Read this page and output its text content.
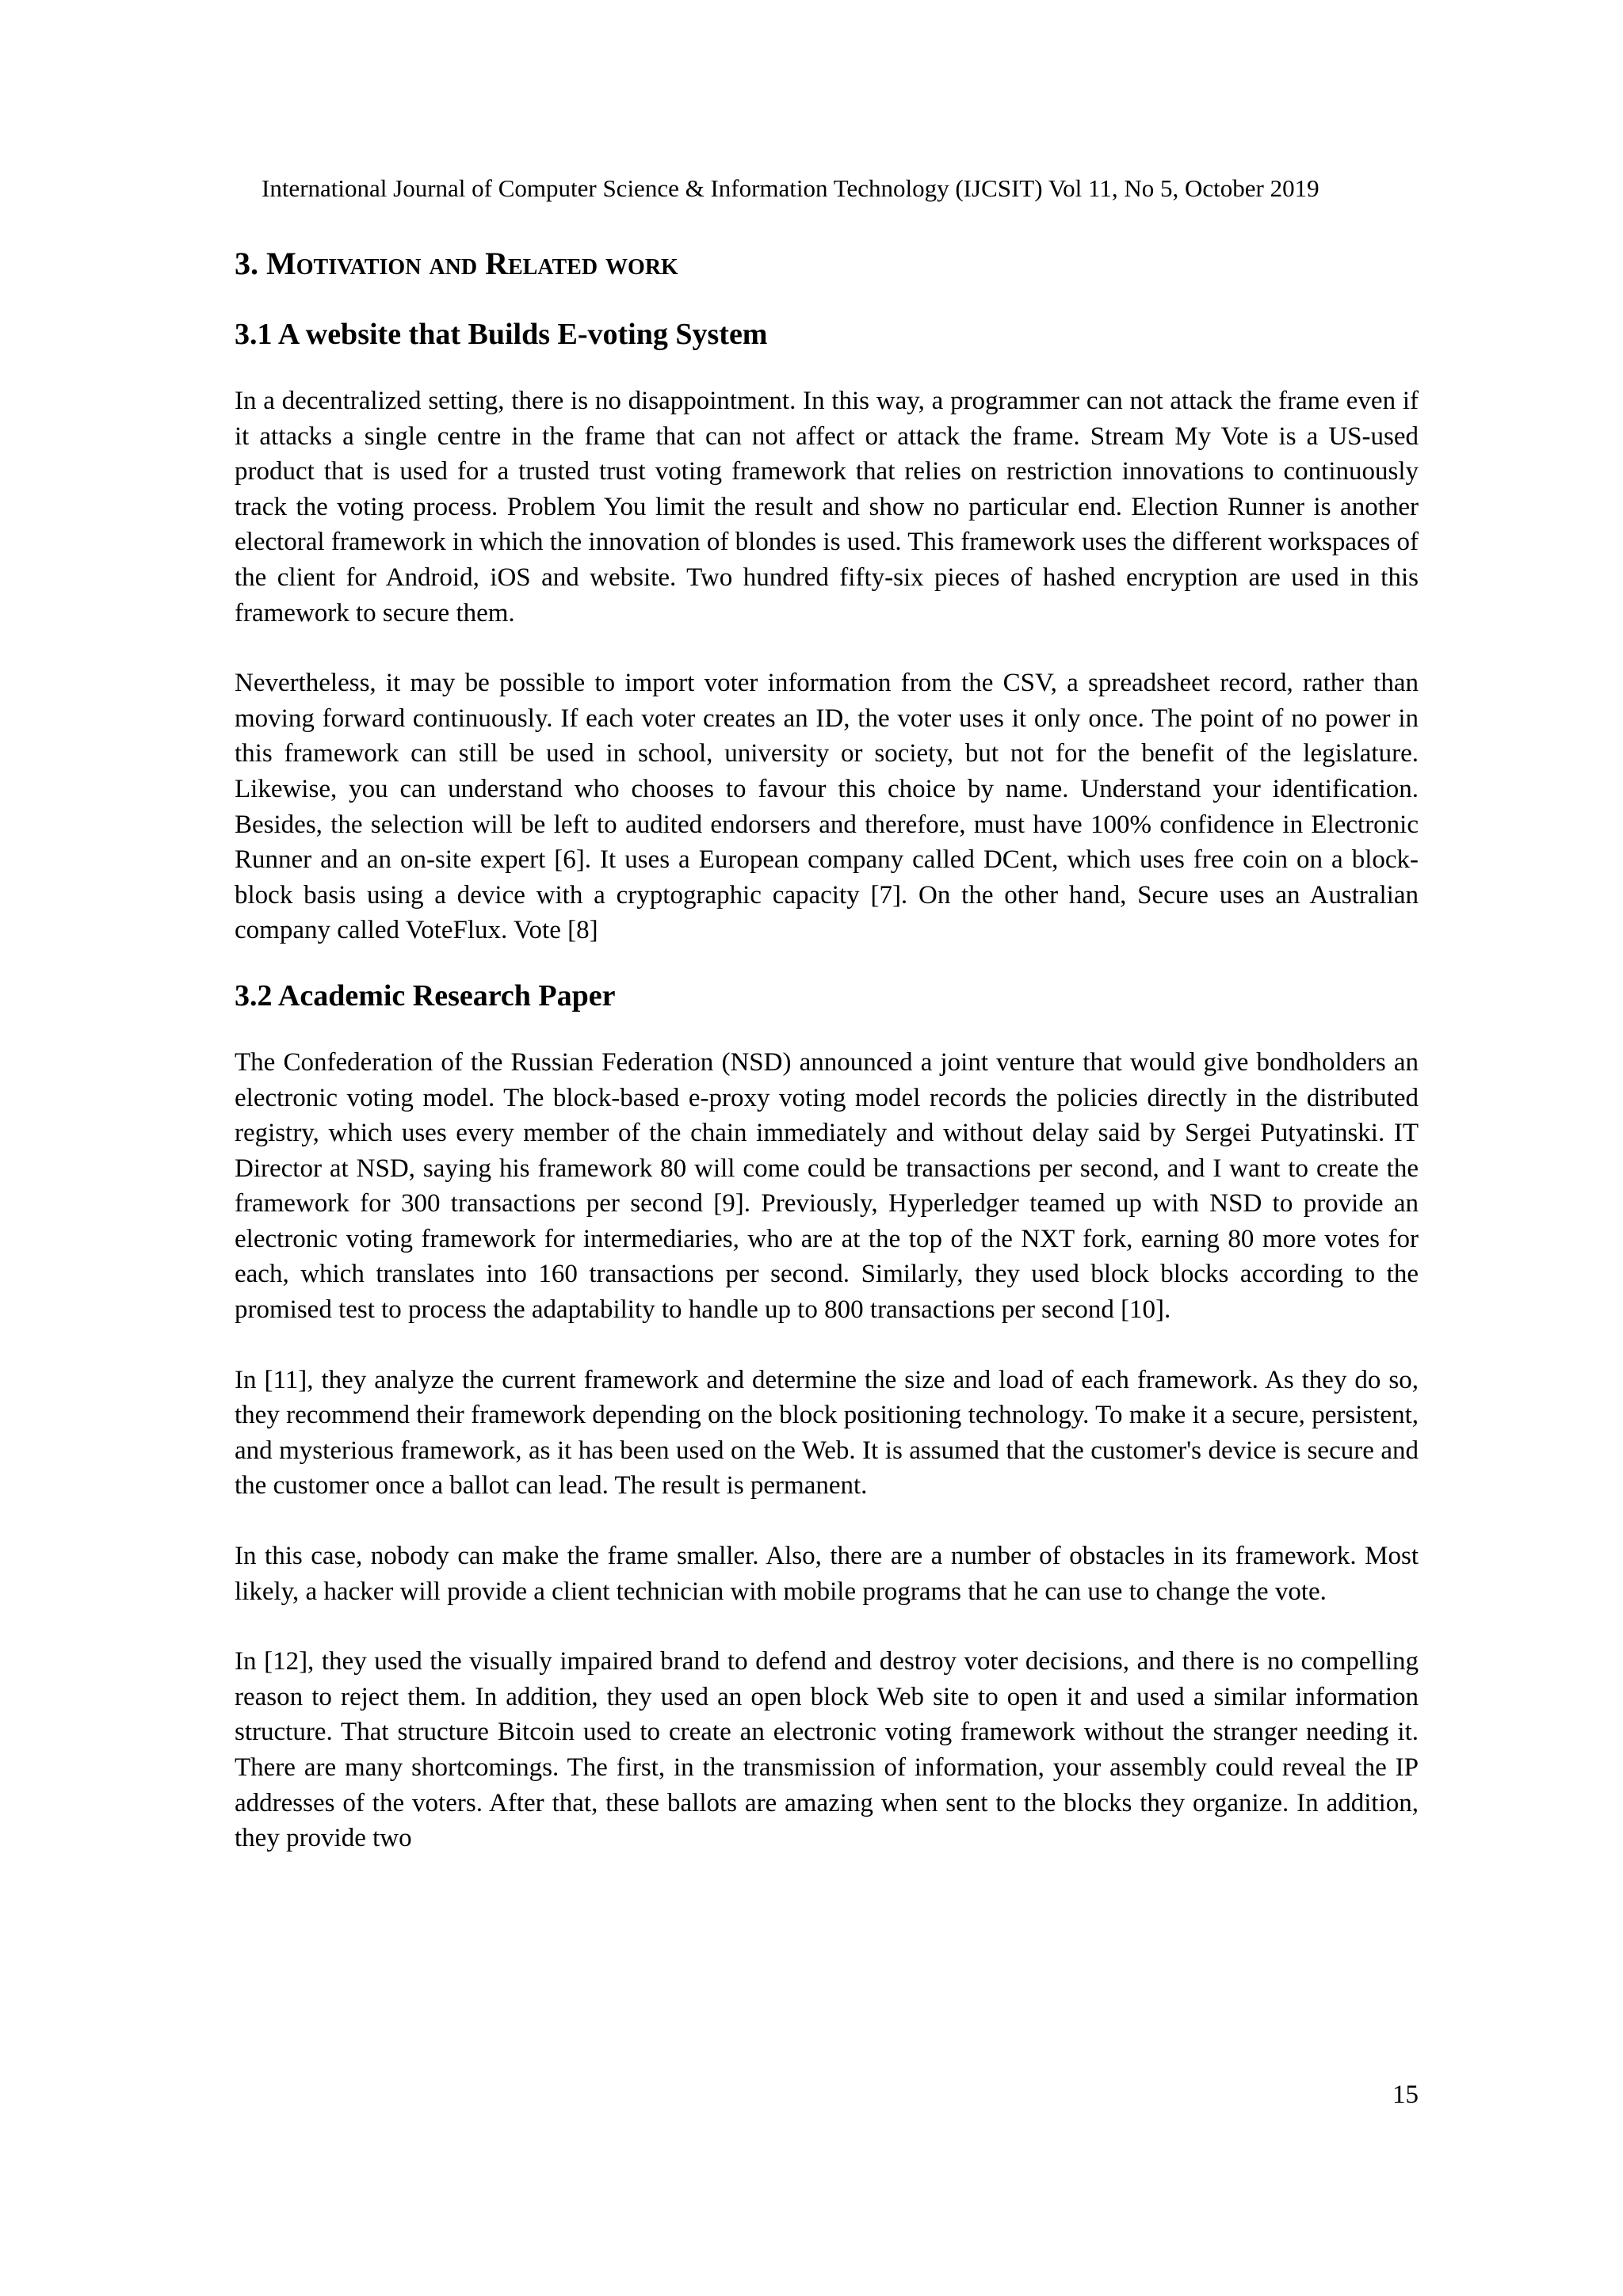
International Journal of Computer Science & Information Technology (IJCSIT) Vol 11, No 5, October 2019
3. Motivation and Related work
3.1 A website that Builds E-voting System

In a decentralized setting, there is no disappointment. In this way, a programmer can not attack the frame even if it attacks a single centre in the frame that can not affect or attack the frame. Stream My Vote is a US-used product that is used for a trusted trust voting framework that relies on restriction innovations to continuously track the voting process. Problem You limit the result and show no particular end. Election Runner is another electoral framework in which the innovation of blondes is used. This framework uses the different workspaces of the client for Android, iOS and website. Two hundred fifty-six pieces of hashed encryption are used in this framework to secure them.

Nevertheless, it may be possible to import voter information from the CSV, a spreadsheet record, rather than moving forward continuously. If each voter creates an ID, the voter uses it only once. The point of no power in this framework can still be used in school, university or society, but not for the benefit of the legislature. Likewise, you can understand who chooses to favour this choice by name. Understand your identification. Besides, the selection will be left to audited endorsers and therefore, must have 100% confidence in Electronic Runner and an on-site expert [6]. It uses a European company called DCent, which uses free coin on a block-block basis using a device with a cryptographic capacity [7]. On the other hand, Secure uses an Australian company called VoteFlux. Vote [8]

3.2 Academic Research Paper

The Confederation of the Russian Federation (NSD) announced a joint venture that would give bondholders an electronic voting model. The block-based e-proxy voting model records the policies directly in the distributed registry, which uses every member of the chain immediately and without delay said by Sergei Putyatinski. IT Director at NSD, saying his framework 80 will come could be transactions per second, and I want to create the framework for 300 transactions per second [9]. Previously, Hyperledger teamed up with NSD to provide an electronic voting framework for intermediaries, who are at the top of the NXT fork, earning 80 more votes for each, which translates into 160 transactions per second. Similarly, they used block blocks according to the promised test to process the adaptability to handle up to 800 transactions per second [10].

In [11], they analyze the current framework and determine the size and load of each framework. As they do so, they recommend their framework depending on the block positioning technology. To make it a secure, persistent, and mysterious framework, as it has been used on the Web. It is assumed that the customer's device is secure and the customer once a ballot can lead. The result is permanent.

In this case, nobody can make the frame smaller. Also, there are a number of obstacles in its framework. Most likely, a hacker will provide a client technician with mobile programs that he can use to change the vote.

In [12], they used the visually impaired brand to defend and destroy voter decisions, and there is no compelling reason to reject them. In addition, they used an open block Web site to open it and used a similar information structure. That structure Bitcoin used to create an electronic voting framework without the stranger needing it. There are many shortcomings. The first, in the transmission of information, your assembly could reveal the IP addresses of the voters. After that, these ballots are amazing when sent to the blocks they organize. In addition, they provide two

15
